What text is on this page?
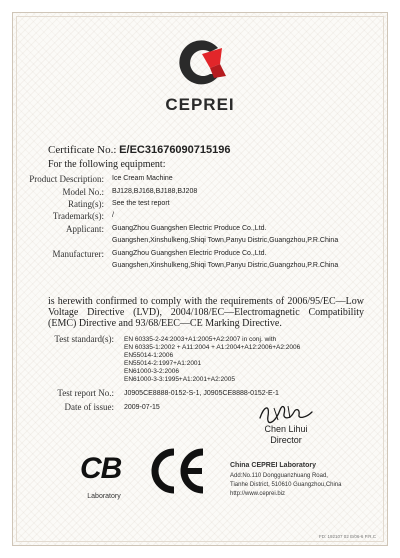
CEPREI
Certificate No.: E/EC31676090715196
For the following equipment:
Product Description: Ice Cream Machine
Model No.: BJ128,BJ168,BJ188,BJ208
Rating(s): See the test report
Trademark(s): /
Applicant: GuangZhou Guangshen Electric Produce Co.,Ltd.
Guangshen,Xinshulkeng,Shiqi Town,Panyu Distric,Guangzhou,P.R.China
Manufacturer: GuangZhou Guangshen Electric Produce Co.,Ltd.
Guangshen,Xinshulkeng,Shiqi Town,Panyu Distric,Guangzhou,P.R.China
is herewith confirmed to comply with the requirements of 2006/95/EC—Low Voltage Directive (LVD), 2004/108/EC—Electromagnetic Compatibility (EMC) Directive and 93/68/EEC—CE Marking Directive.
Test standard(s): EN 60335-2-24:2003+A1:2005+A2:2007 in conj. with
EN 60335-1:2002 + A11:2004 + A1:2004+A12:2006+A2:2006
EN55014-1:2006
EN55014-2:1997+A1:2001
EN61000-3-2:2006
EN61000-3-3:1995+A1:2001+A2:2005
Test report No.: J0905CE8888-0152-S-1, J0905CE8888-0152-E-1
Date of issue: 2009-07-15
Chen Lihui
Director
CB
Laboratory
China CEPREI Laboratory
Add:No.110 Dongguanzhuang Road,
Tianhe District, 510610 Guangzhou,China
http://www.ceprei.biz
FD: 192107 02 E/06-6 P.R.C
